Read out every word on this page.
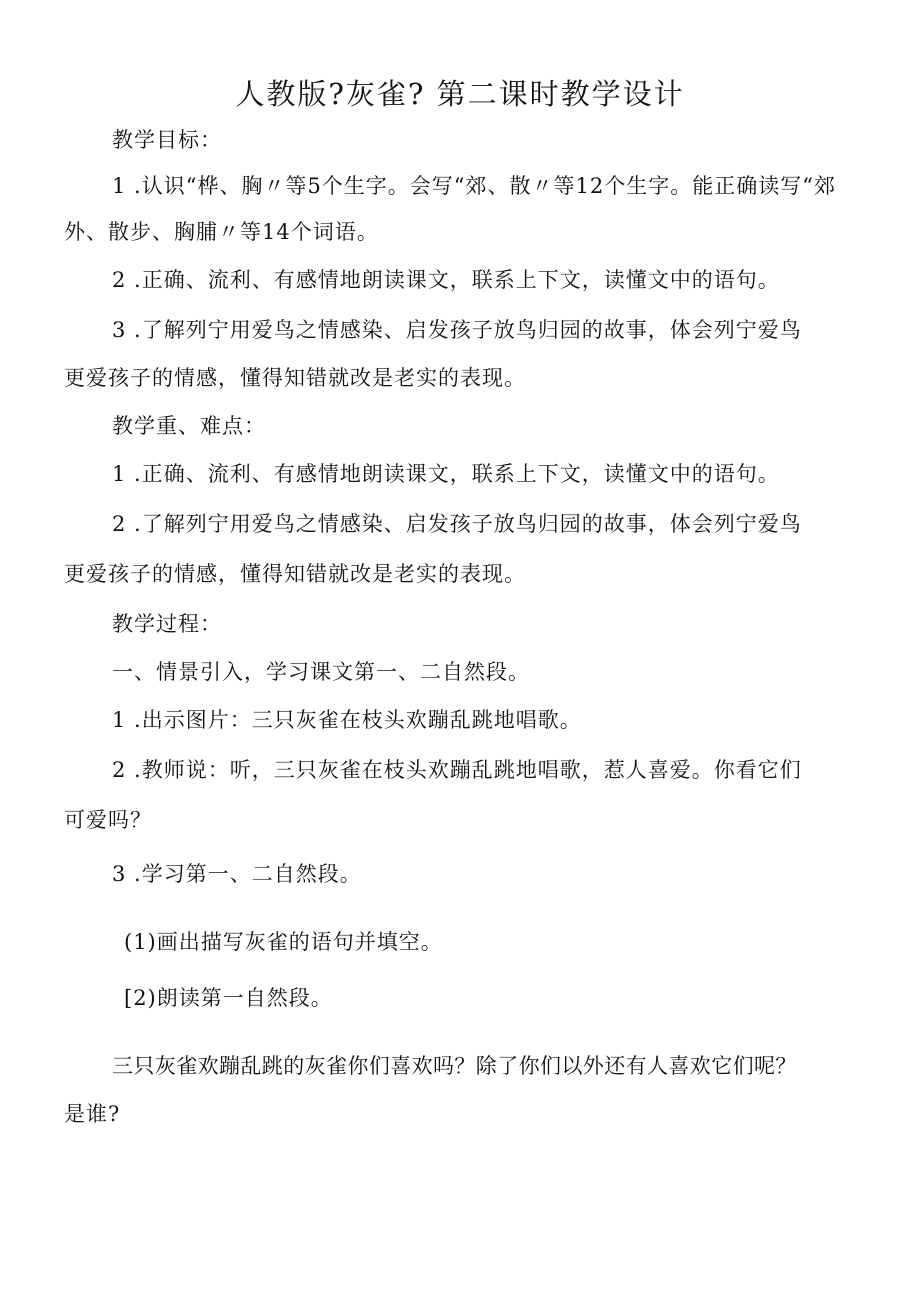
人教版?灰雀? 第二课时教学设计
教学目标：
1 .认识“桦、胸〃等5个生字。会写“郊、散〃等12个生字。能正确读写“郊
外、散步、胸脯〃等14个词语。
2 .正确、流利、有感情地朗读课文，联系上下文，读懂文中的语句。
3 .了解列宁用爱鸟之情感染、启发孩子放鸟归园的故事，体会列宁爱鸟
更爱孩子的情感，懂得知错就改是老实的表现。
教学重、难点：
1 .正确、流利、有感情地朗读课文，联系上下文，读懂文中的语句。
2 .了解列宁用爱鸟之情感染、启发孩子放鸟归园的故事，体会列宁爱鸟
更爱孩子的情感，懂得知错就改是老实的表现。
教学过程：
一、情景引入，学习课文第一、二自然段。
1 .出示图片：三只灰雀在枝头欢蹦乱跳地唱歌。
2 .教师说：听，三只灰雀在枝头欢蹦乱跳地唱歌，惹人喜爱。你看它们
可爱吗？
3 .学习第一、二自然段。
(1)画出描写灰雀的语句并填空。
[2)朗读第一自然段。
三只灰雀欢蹦乱跳的灰雀你们喜欢吗？除了你们以外还有人喜欢它们呢？
是谁?
